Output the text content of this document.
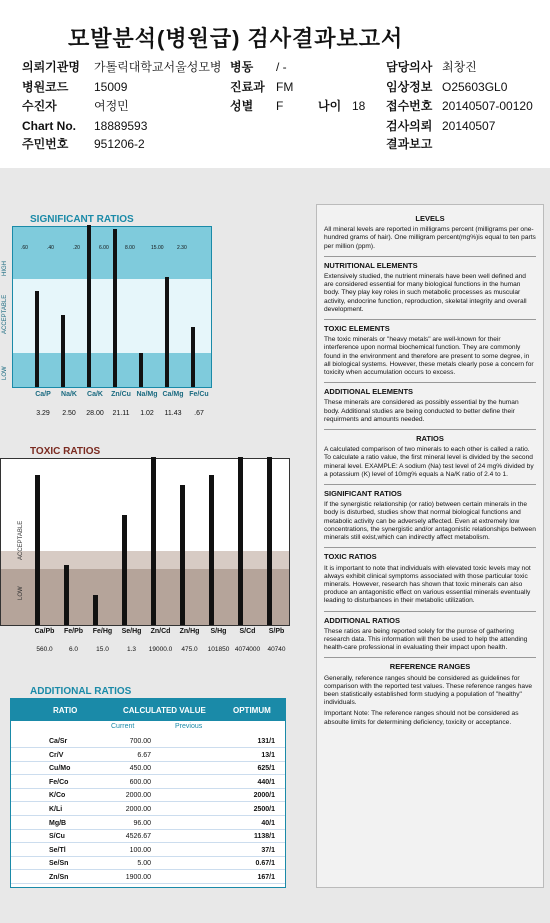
모발분석(병원급) 검사결과보고서
의뢰기관명 가톨릭대학교서울성모병 병동 / -	담당의사 최창진
병원코드 15009	진료과 FM	임상정보 O25603GL0
수진자	여정민	성별 F	나이 18 접수번호 20140507-00120
Chart No. 18889593	검사의뢰 20140507
주민번호 951206-2	결과보고
SIGNIFICANT RATIOS
.60	.40	.20	6.00	8.00	15.00	2.30
HIGH
ACCEPTABLE
LOW
Ca/P	Na/K	Ca/K	Zn/Cu Na/Mg Ca/Mg Fe/Cu
3.29	2.50	28.00	21.11	1.02	11.43	.67
TOXIC RATIOS
ACCEPTABLE
LOW
Ca/Pb	Fe/Pb	Fe/Hg	Se/Hg	Zn/Cd	Zn/Hg	S/Hg	S/Cd	S/Pb
560.0	6.0	15.0	1.3	19000.0	475.0	101850 4074000	40740
ADDITIONAL RATIOS
RATIO	CALCULATED VALUE	OPTIMUM
Current	Previous
Ca/Sr	700.00	131/1
Cr/V	6.67	13/1
Cu/Mo	450.00	625/1
Fe/Co	600.00	440/1
K/Co	2000.00	2000/1
K/Li	2000.00	2500/1
Mg/B	96.00	40/1
S/Cu	4526.67	1138/1
Se/Tl	100.00	37/1
Se/Sn	5.00	0.67/1
Zn/Sn	1900.00	167/1
LEVELS

All mineral levels are reported in milligrams percent (milligrams per one-hundred grams of hair). One milligram percent(mg%)is equal to ten parts per million (ppm).

NUTRITIONAL ELEMENTS

Extensively studied, the nutrient minerals have been well defined and are considered essential for many biological functions in the human body. They play key roles in such metabolic processes as muscular activity, endocrine function, reproduction, skeletal integrity and overall development.

TOXIC ELEMENTS

The toxic minerals or "heavy metals" are well-known for their interference upon normal biochemical function. They are commonly found in the environment and therefore are present to some degree, in all biological systems. However, these metals clearly pose a concern for toxicity when accumulation occurs to excess.

ADDITIONAL ELEMENTS

These minerals are considered as possibly essential by the human body. Additional studies are being conducted to better define their requirments and amounts needed.

RATIOS

A calculated comparison of two minerals to each other is called a ratio. To calculate a ratio value, the first mineral level is divided by the second mineral level. EXAMPLE: A sodium (Na) test level of 24 mg% divided by a potassium (K) level of 10mg% equals a Na/K ratio of 2.4 to 1.

SIGNIFICANT RATIOS

If the synergistic relationship (or ratio) between certain minerals in the body is disturbed, studies show that normal biological functions and metabolic activity can be adversely affected. Even at extremely low concentrations, the synergistic and/or antagonistic relationships between minerals still exist,which can indirectly affect metabolism.

TOXIC RATIOS

It is important to note that individuals with elevated toxic levels may not always exhibit clinical symptoms associated with those particular toxic minerals. However, research has shown that toxic minerals can also produce an antagonistic effect on various essential minerals eventually leading to disturbances in their metabolic utilization.

ADDITIONAL RATIOS

These ratios are being reported solely for the purose of gathering research data. This information will then be used to help the attending health-care professional in evaluating their impact upon health.

REFERENCE RANGES

Generally, reference ranges should be considered as guidelines for comparison with the reported test values. These reference ranges have been statistically established form studying a population of "healthy" individuals.

Important Note: The reference ranges should not be considered as absoulte limits for determining deficiency, toxicity or acceptance.
